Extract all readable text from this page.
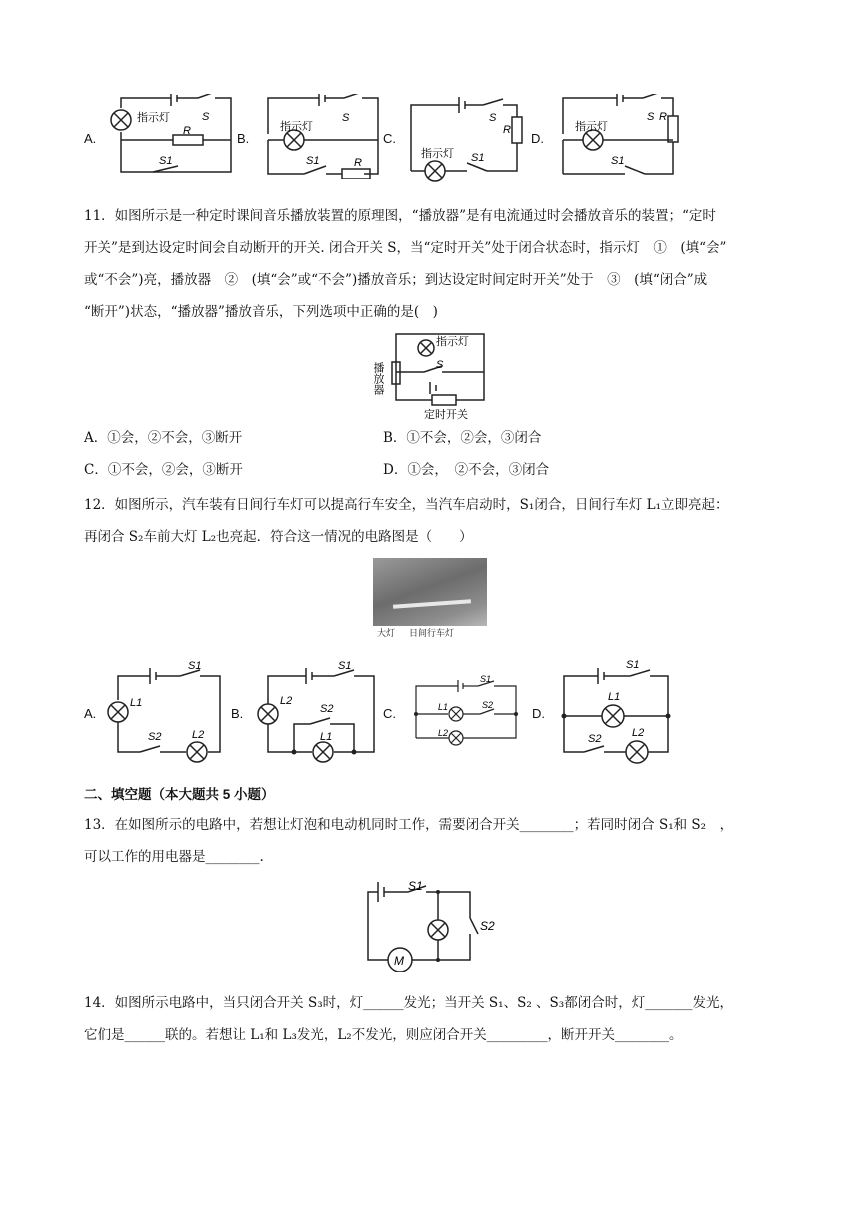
A.	B.	C.	D.
指示灯	S
R
S1
指示灯
S
R
S1
指示灯
S
R
S1
指示灯
S R
S1
11．如图所示是一种定时课间音乐播放装置的原理图，“播放器”是有电流通过时会播放音乐的装置；“定时
开关”是到达设定时间会自动断开的开关. 闭合开关 S，当“定时开关”处于闭合状态时，指示灯　①　(填“会”
或“不会”)亮，播放器　②　(填“会”或“不会”)播放音乐；到达设定时间定时开关”处于　③　(填“闭合”成
“断开”)状态，“播放器”播放音乐，下列选项中正确的是(　)
指示灯
播放器	S
定时开关
A．①会，②不会，③断开	B．①不会，②会，③闭合
C．①不会，②会，③断开	D．①会，　②不会，③闭合
12．如图所示，汽车装有日间行车灯可以提高行车安全，当汽车启动时，S₁闭合，日间行车灯 L₁立即亮起：
再闭合 S₂车前大灯 L₂也亮起．符合这一情况的电路图是（　　）
大灯 日间行车灯
A.	B.	C.	D.
S1
L1
S2	L2
S1
L2
S2
L1
S1
L1	S2
L2
S1
L1
S2	L2
二、填空题（本大题共 5 小题）
13．在如图所示的电路中，若想让灯泡和电动机同时工作，需要闭合开关________；若同时闭合 S₁和 S₂　，
可以工作的用电器是________.
S1
S2
M
14．如图所示电路中，当只闭合开关 S₃时，灯______发光；当开关 S₁、S₂ 、S₃都闭合时，灯_______发光，
它们是______联的。若想让 L₁和 L₃发光，L₂不发光，则应闭合开关_________，断开开关________。
